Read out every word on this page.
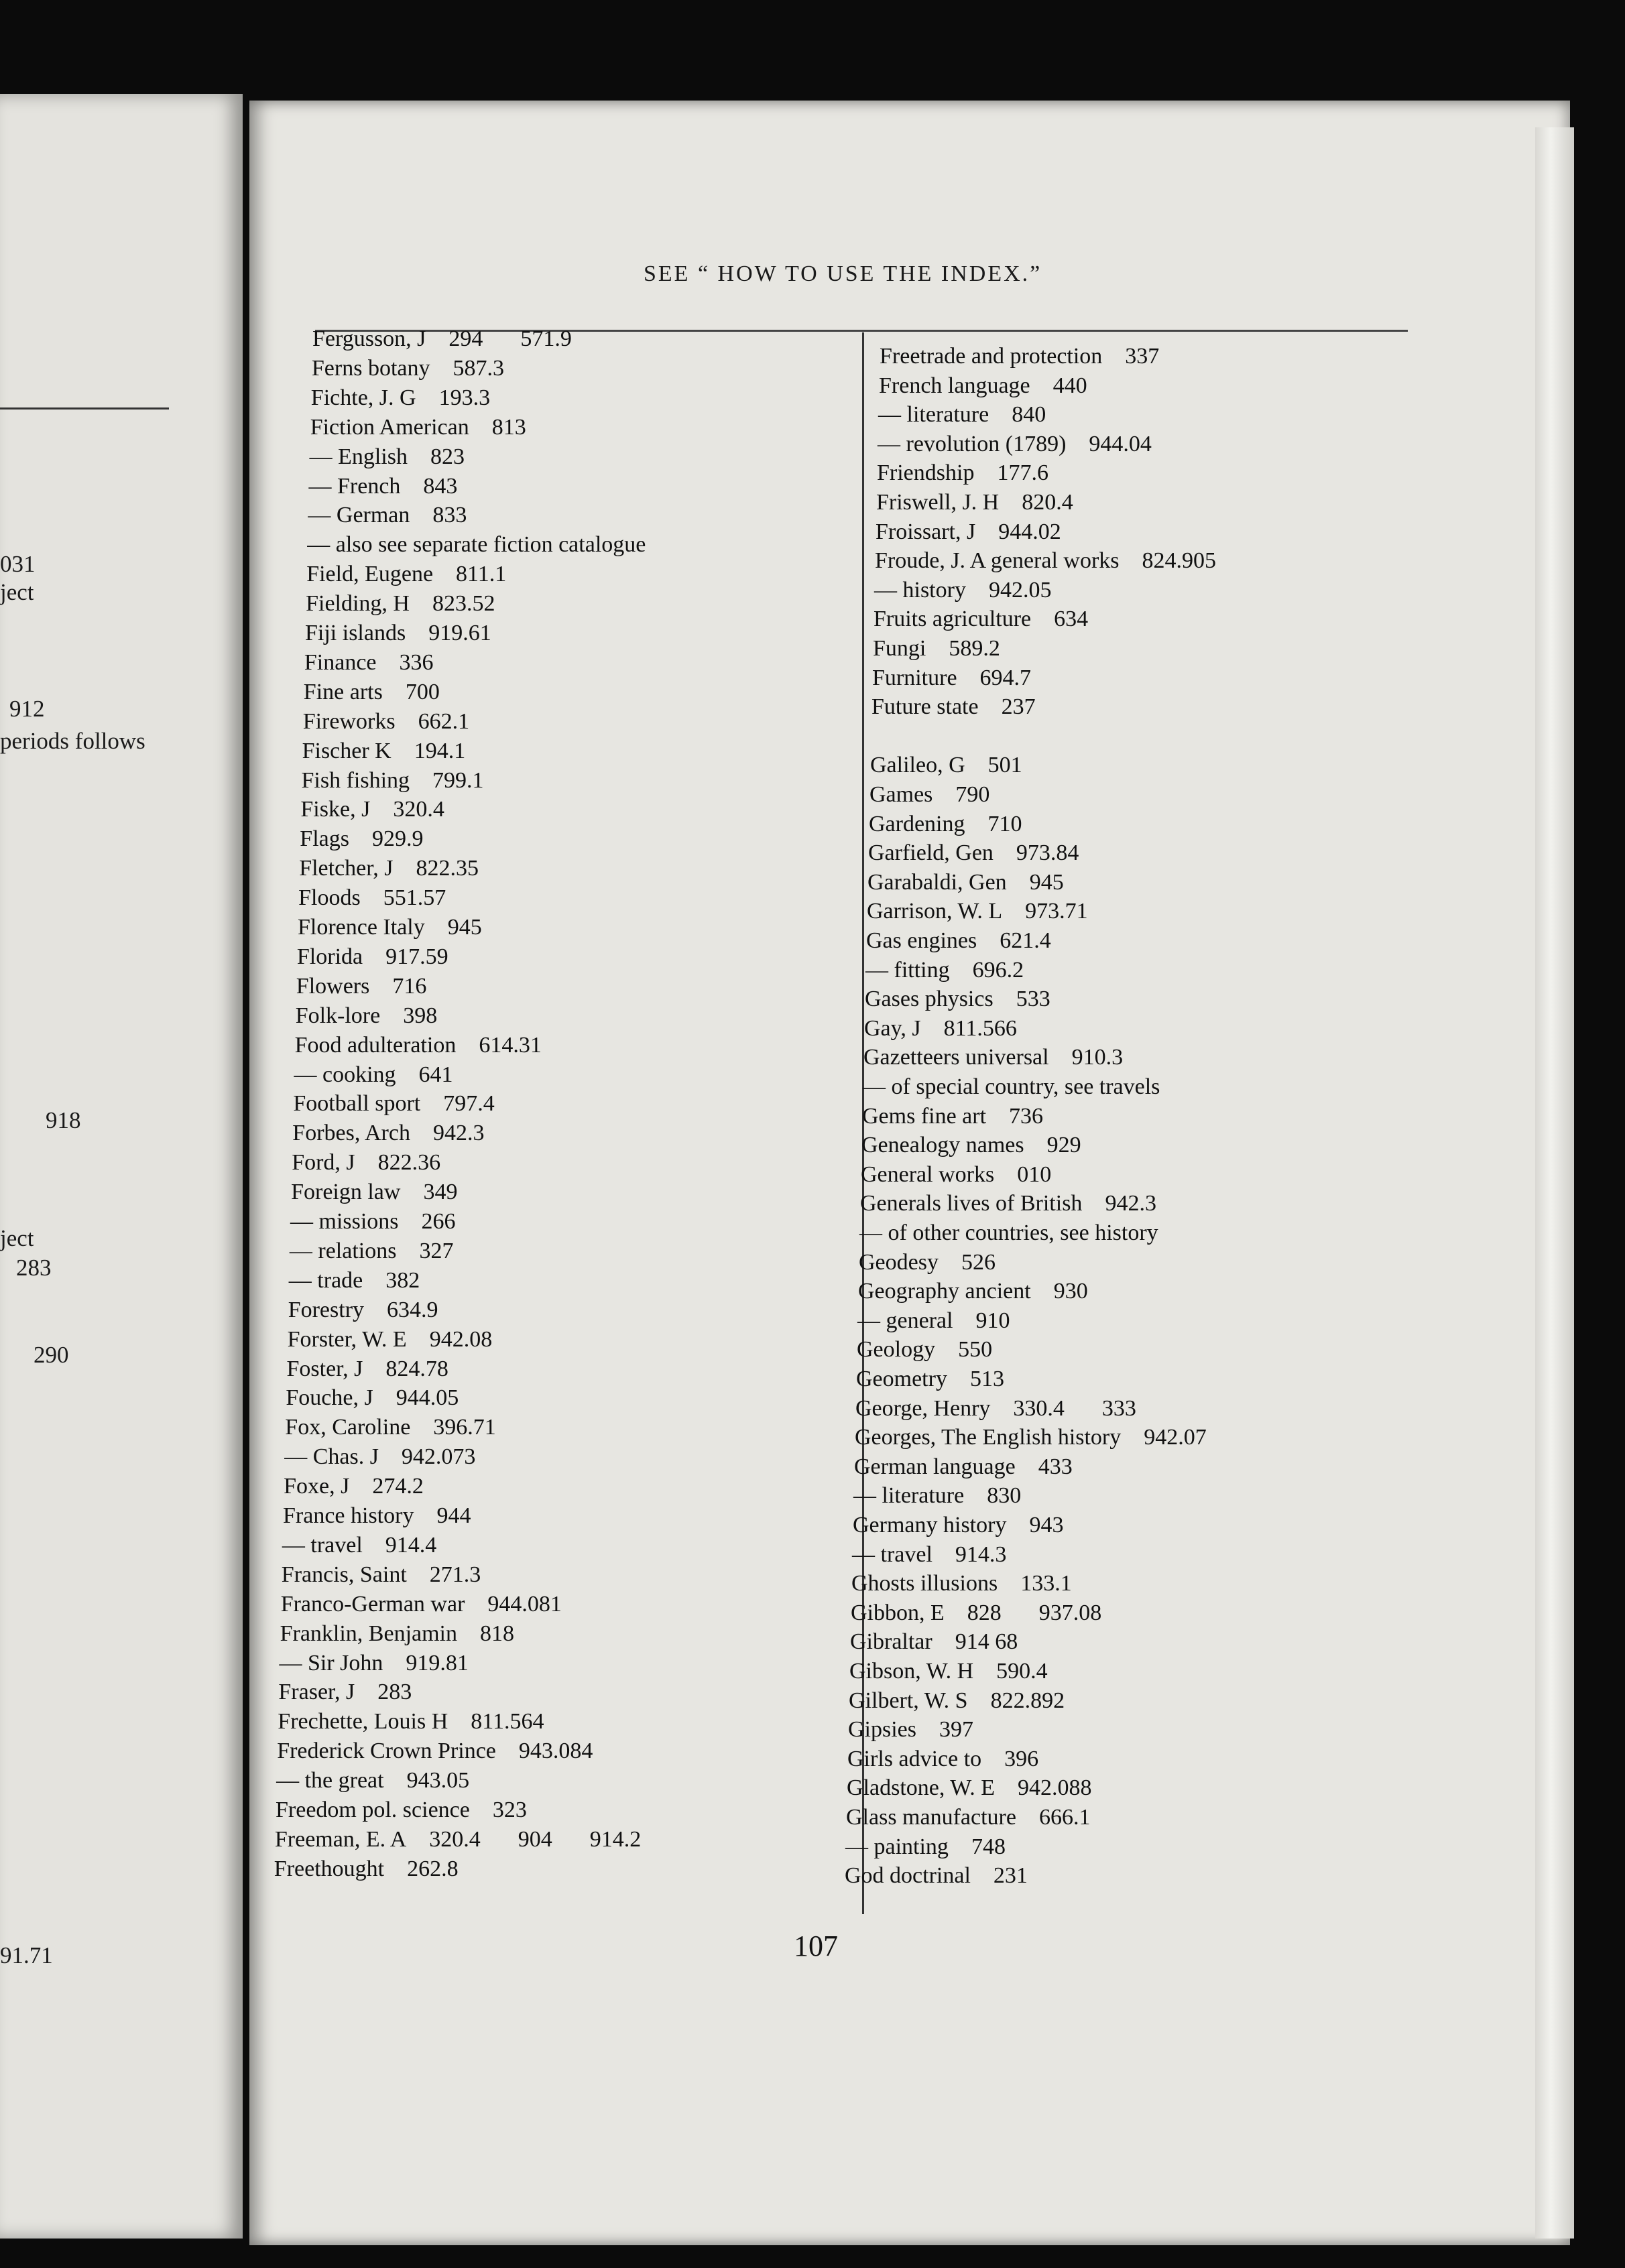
031
ject
912
periods follows
918
ject
283
290
91.71
SEE “ HOW TO USE THE INDEX.”
Fergusson, J 294 571.9
Ferns botany 587.3
Fichte, J. G 193.3
Fiction American 813
— English 823
— French 843
— German 833
— also see separate fiction catalogue
Field, Eugene 811.1
Fielding, H 823.52
Fiji islands 919.61
Finance 336
Fine arts 700
Fireworks 662.1
Fischer K 194.1
Fish fishing 799.1
Fiske, J 320.4
Flags 929.9
Fletcher, J 822.35
Floods 551.57
Florence Italy 945
Florida 917.59
Flowers 716
Folk-lore 398
Food adulteration 614.31
— cooking 641
Football sport 797.4
Forbes, Arch 942.3
Ford, J 822.36
Foreign law 349
— missions 266
— relations 327
— trade 382
Forestry 634.9
Forster, W. E 942.08
Foster, J 824.78
Fouche, J 944.05
Fox, Caroline 396.71
— Chas. J 942.073
Foxe, J 274.2
France history 944
— travel 914.4
Francis, Saint 271.3
Franco-German war 944.081
Franklin, Benjamin 818
— Sir John 919.81
Fraser, J 283
Frechette, Louis H 811.564
Frederick Crown Prince 943.084
— the great 943.05
Freedom pol. science 323
Freeman, E. A 320.4 904 914.2
Freethought 262.8
Freetrade and protection 337
French language 440
— literature 840
— revolution (1789) 944.04
Friendship 177.6
Friswell, J. H 820.4
Froissart, J 944.02
Froude, J. A general works 824.905
— history 942.05
Fruits agriculture 634
Fungi 589.2
Furniture 694.7
Future state 237
Galileo, G 501
Games 790
Gardening 710
Garfield, Gen 973.84
Garabaldi, Gen 945
Garrison, W. L 973.71
Gas engines 621.4
— fitting 696.2
Gases physics 533
Gay, J 811.566
Gazetteers universal 910.3
— of special country, see travels
Gems fine art 736
Genealogy names 929
General works 010
Generals lives of British 942.3
— of other countries, see history
Geodesy 526
Geography ancient 930
— general 910
Geology 550
Geometry 513
George, Henry 330.4 333
Georges, The English history 942.07
German language 433
— literature 830
Germany history 943
— travel 914.3
Ghosts illusions 133.1
Gibbon, E 828 937.08
Gibraltar 914 68
Gibson, W. H 590.4
Gilbert, W. S 822.892
Gipsies 397
Girls advice to 396
Gladstone, W. E 942.088
Glass manufacture 666.1
— painting 748
God doctrinal 231
107
